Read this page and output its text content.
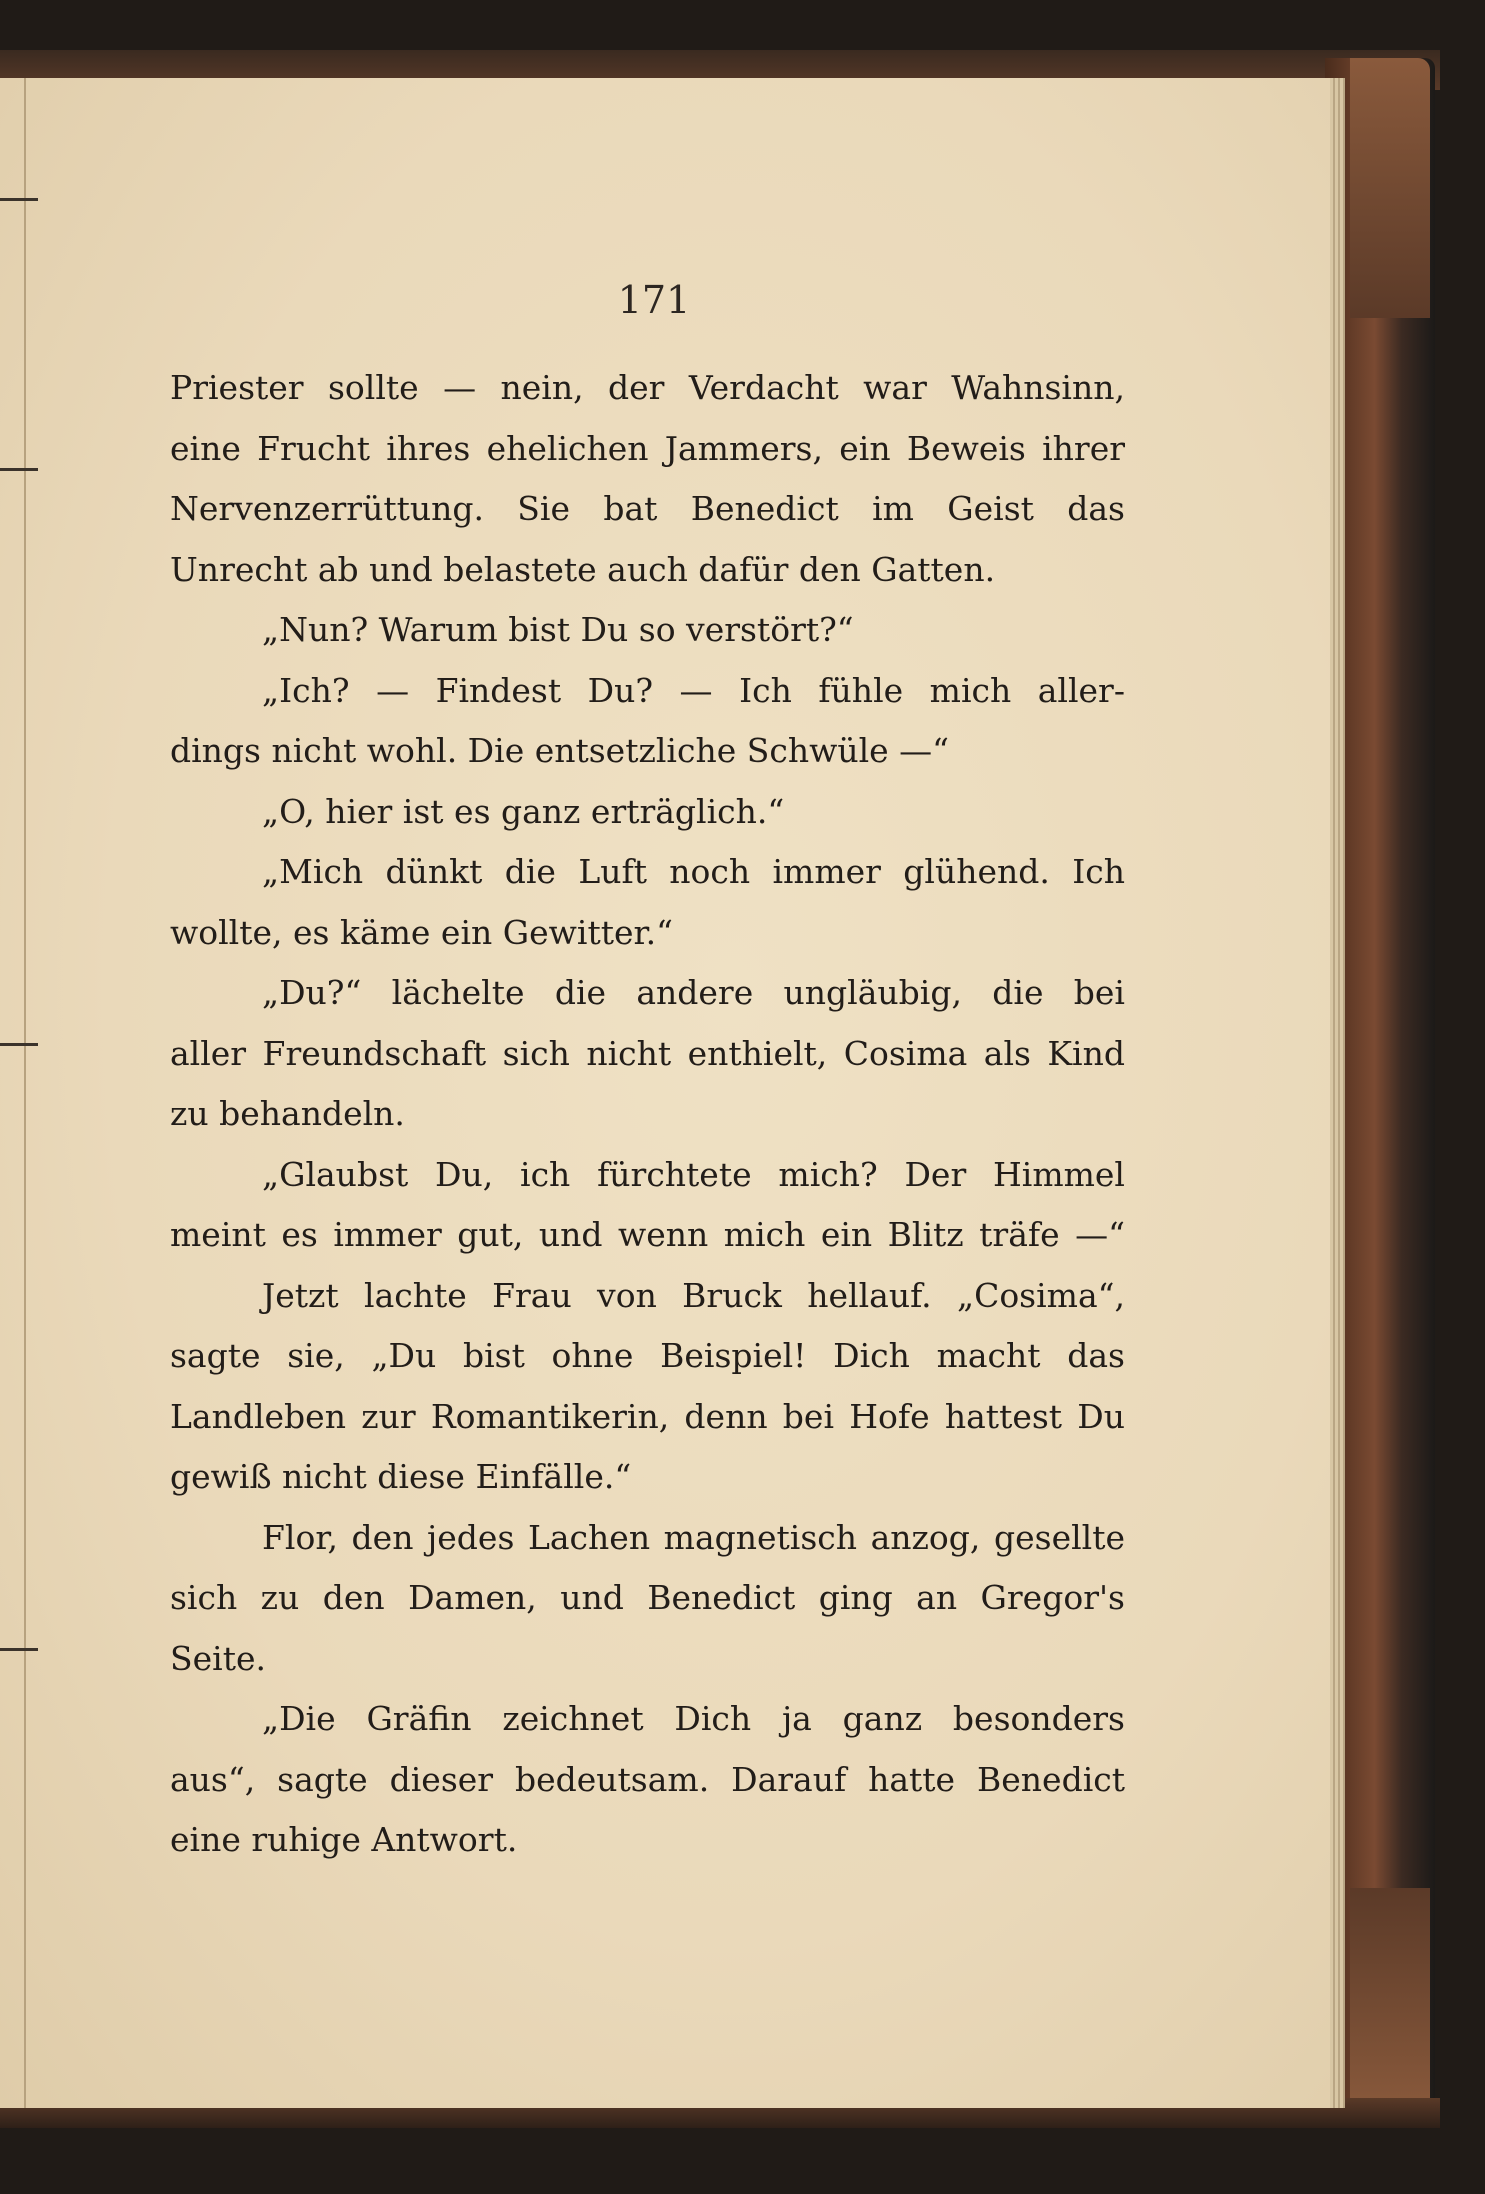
171
Priester sollte — nein, der Verdacht war Wahnsinn,
eine Frucht ihres ehelichen Jammers, ein Beweis ihrer
Nervenzerrüttung. Sie bat Benedict im Geist das
Unrecht ab und belastete auch dafür den Gatten.
„Nun? Warum bist Du so verstört?“
„Ich? — Findest Du? — Ich fühle mich aller-
dings nicht wohl. Die entsetzliche Schwüle —“
„O, hier ist es ganz erträglich.“
„Mich dünkt die Luft noch immer glühend. Ich
wollte, es käme ein Gewitter.“
„Du?“ lächelte die andere ungläubig, die bei
aller Freundschaft sich nicht enthielt, Cosima als Kind
zu behandeln.
„Glaubst Du, ich fürchtete mich? Der Himmel
meint es immer gut, und wenn mich ein Blitz träfe —“
Jetzt lachte Frau von Bruck hellauf. „Cosima“,
sagte sie, „Du bist ohne Beispiel! Dich macht das
Landleben zur Romantikerin, denn bei Hofe hattest Du
gewiß nicht diese Einfälle.“
Flor, den jedes Lachen magnetisch anzog, gesellte
sich zu den Damen, und Benedict ging an Gregor's
Seite.
„Die Gräfin zeichnet Dich ja ganz besonders
aus“, sagte dieser bedeutsam. Darauf hatte Benedict
eine ruhige Antwort.
